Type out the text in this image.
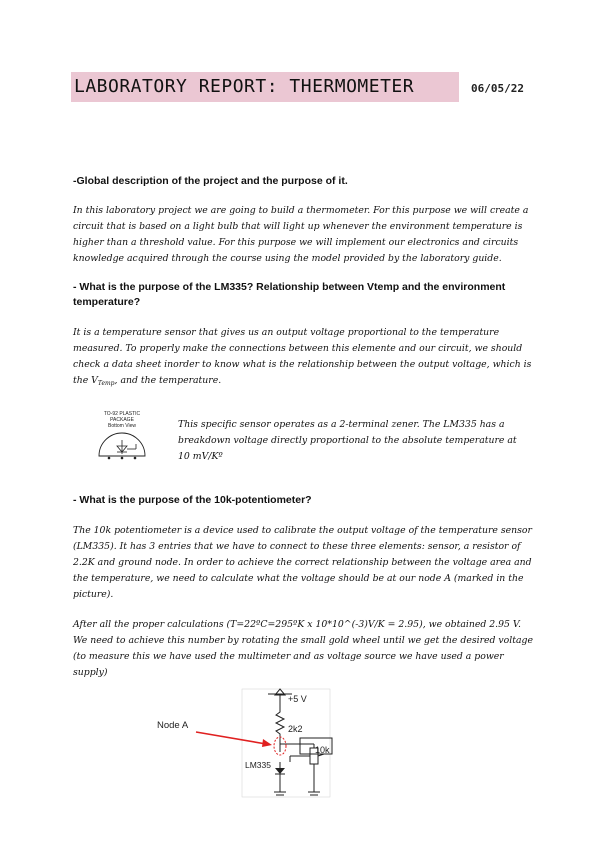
LABORATORY REPORT: THERMOMETER	06/05/22
-Global description of the project and the purpose of it.
In this laboratory project we are going to build a thermometer. For this purpose we will create a
circuit that is based on a light bulb that will light up whenever the environment temperature is
higher than a threshold value. For this purpose we will implement our electronics and circuits
knowledge acquired through the course using the model provided by the laboratory guide.
- What is the purpose of the LM335? Relationship between Vtemp and the environment
temperature?
It is a temperature sensor that gives us an output voltage proportional to the temperature
measured. To properly make the connections between this elemente and our circuit, we should
check a data sheet inorder to know what is the relationship between the output voltage, which is
the $V_{Temp}$, and the temperature.
TO-92 PLASTIC
PACKAGE
Bottom View	This specific sensor operates as a 2-terminal zener. The LM335 has a
breakdown voltage directly proportional to the absolute temperature at
10 mV/Kº
- What is the purpose of the 10k-potentiometer?
The 10k potentiometer is a device used to calibrate the output voltage of the temperature sensor
(LM335). It has 3 entries that we have to connect to these three elements: sensor, a resistor of
2.2K and ground node. In order to achieve the correct relationship between the voltage area and
the temperature, we need to calculate what the voltage should be at our node A (marked in the
picture).
After all the proper calculations (T=22ºC=295ºK x 10*10^(-3)V/K = 2.95), we obtained 2.95 V.
We need to achieve this number by rotating the small gold wheel until we get the desired voltage
(to measure this we have used the multimeter and as voltage source we have used a power
supply)
+5 V
2k2
10k
LM335
Node A
